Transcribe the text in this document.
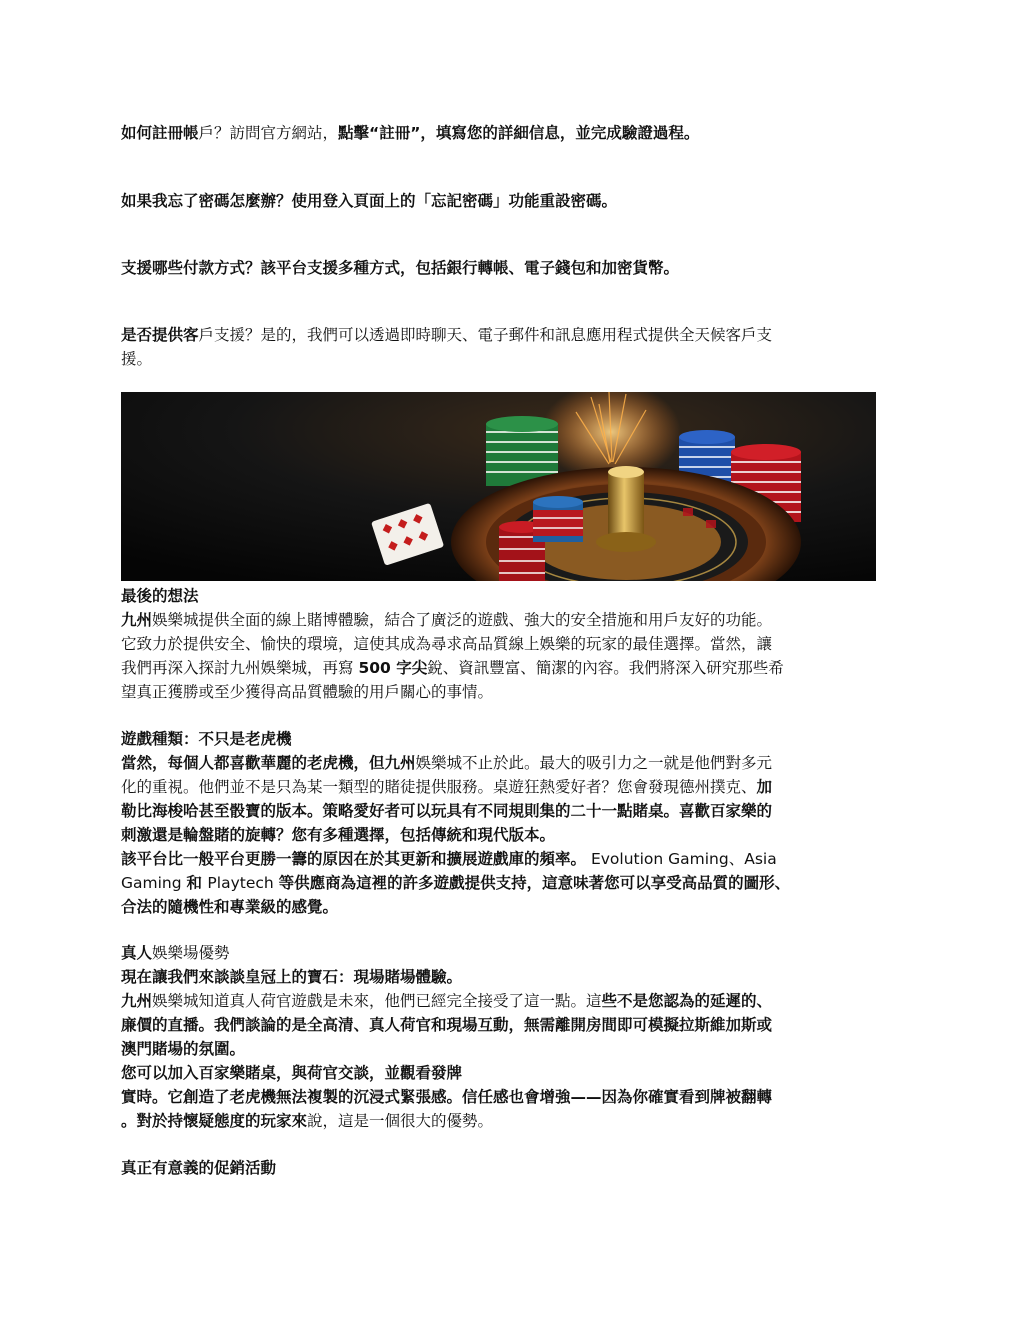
如何註冊帳戶？訪問官方網站，點擊“註冊”，填寫您的詳細信息，並完成驗證過程。
如果我忘了密碼怎麼辦？使用登入頁面上的「忘記密碼」功能重設密碼。
支援哪些付款方式？該平台支援多種方式，包括銀行轉帳、電子錢包和加密貨幣。
是否提供客戶支援？是的，我們可以透過即時聊天、電子郵件和訊息應用程式提供全天候客戶支
援。
最後的想法
九州娛樂城提供全面的線上賭博體驗，結合了廣泛的遊戲、強大的安全措施和用戶友好的功能。
它致力於提供安全、愉快的環境，這使其成為尋求高品質線上娛樂的玩家的最佳選擇。當然，讓
我們再深入探討九州娛樂城，再寫 500 字尖銳、資訊豐富、簡潔的內容。我們將深入研究那些希
望真正獲勝或至少獲得高品質體驗的用戶關心的事情。
遊戲種類：不只是老虎機
當然，每個人都喜歡華麗的老虎機，但九州娛樂城不止於此。最大的吸引力之一就是他們對多元
化的重視。他們並不是只為某一類型的賭徒提供服務。桌遊狂熱愛好者？您會發現德州撲克、加
勒比海梭哈甚至骰寶的版本。策略愛好者可以玩具有不同規則集的二十一點賭桌。喜歡百家樂的
刺激還是輪盤賭的旋轉？您有多種選擇，包括傳統和現代版本。
該平台比一般平台更勝一籌的原因在於其更新和擴展遊戲庫的頻率。 Evolution Gaming、Asia
Gaming 和 Playtech 等供應商為這裡的許多遊戲提供支持，這意味著您可以享受高品質的圖形、
合法的隨機性和專業級的感覺。
真人娛樂場優勢
現在讓我們來談談皇冠上的寶石：現場賭場體驗。
九州娛樂城知道真人荷官遊戲是未來，他們已經完全接受了這一點。這些不是您認為的延遲的、
廉價的直播。我們談論的是全高清、真人荷官和現場互動，無需離開房間即可模擬拉斯維加斯或
澳門賭場的氛圍。
您可以加入百家樂賭桌，與荷官交談，並觀看發牌
實時。它創造了老虎機無法複製的沉浸式緊張感。信任感也會增強——因為你確實看到牌被翻轉
。對於持懷疑態度的玩家來說，這是一個很大的優勢。
真正有意義的促銷活動
